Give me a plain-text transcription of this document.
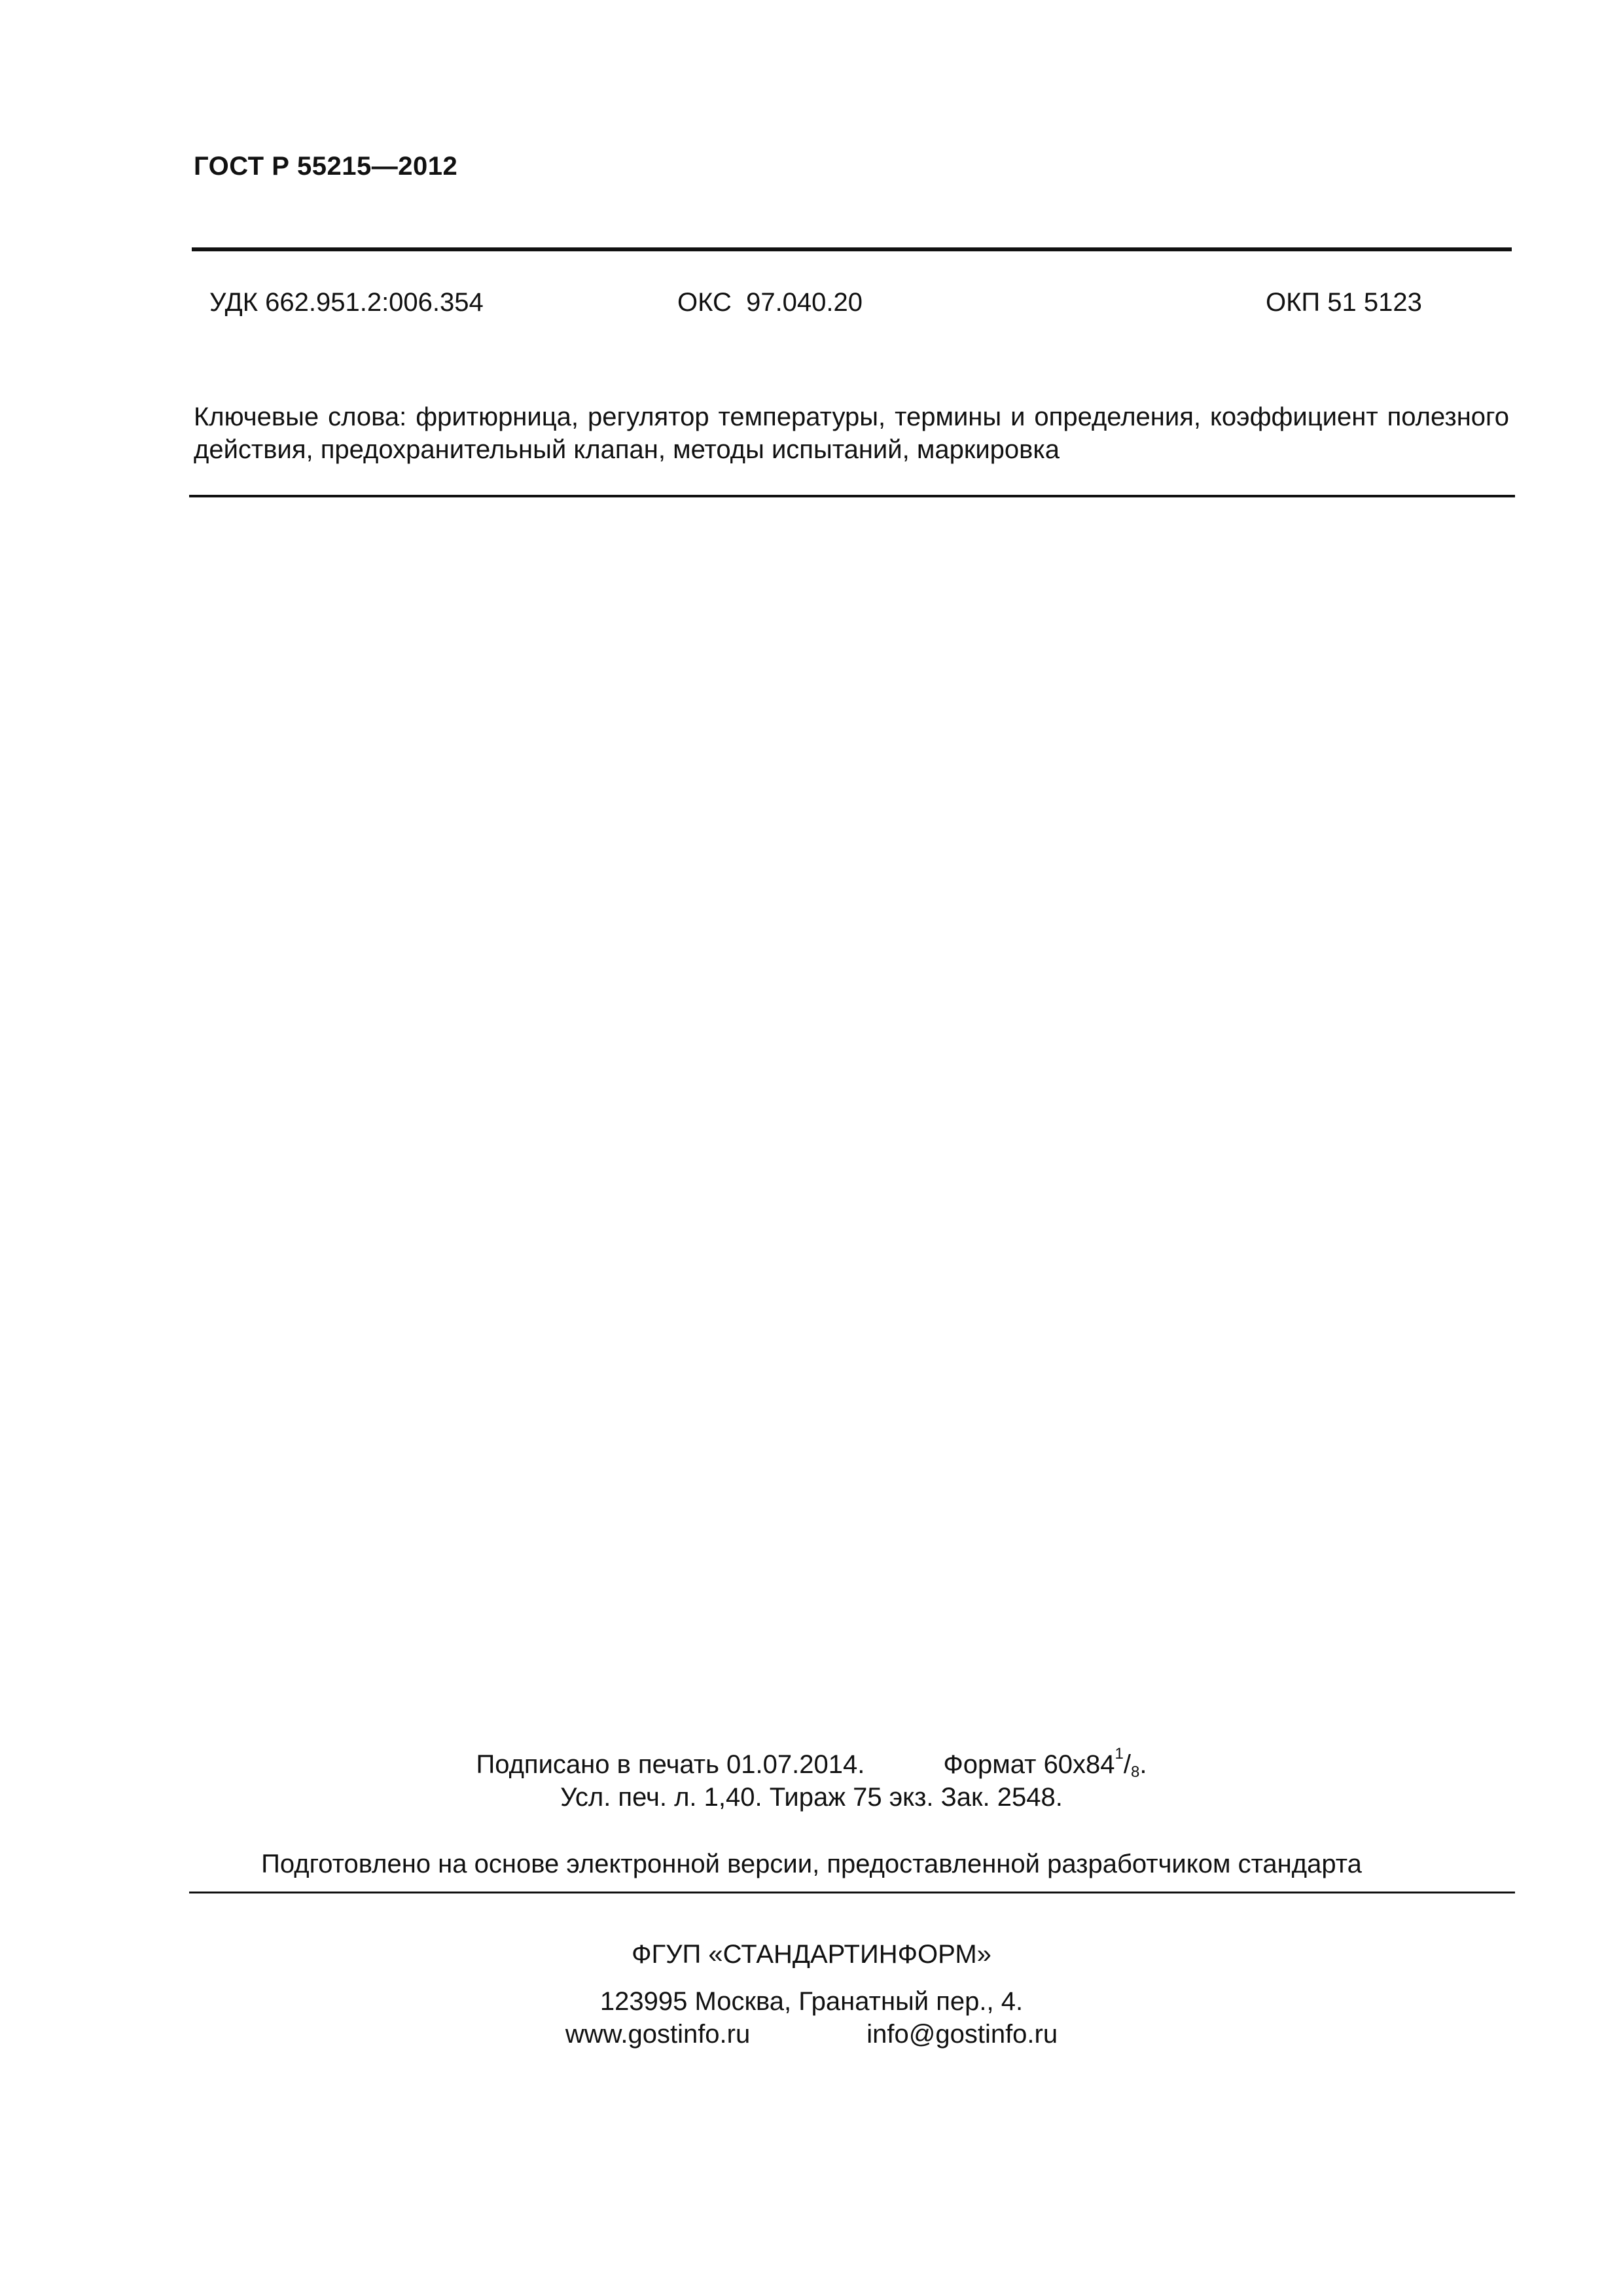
ГОСТ Р 55215—2012
УДК 662.951.2:006.354	ОКС  97.040.20	ОКП 51 5123
Ключевые слова: фритюрница, регулятор температуры, термины и определения, коэффициент полезного действия, предохранительный клапан, методы испытаний, маркировка
Подписано в печать 01.07.2014.	Формат $60х84^1/_8$.
Усл. печ. л. 1,40. Тираж 75 экз. Зак. 2548.
Подготовлено на основе электронной версии, предоставленной разработчиком стандарта
ФГУП «СТАНДАРТИНФОРМ»
123995 Москва, Гранатный пер., 4.
www.gostinfo.ru	info@gostinfo.ru
